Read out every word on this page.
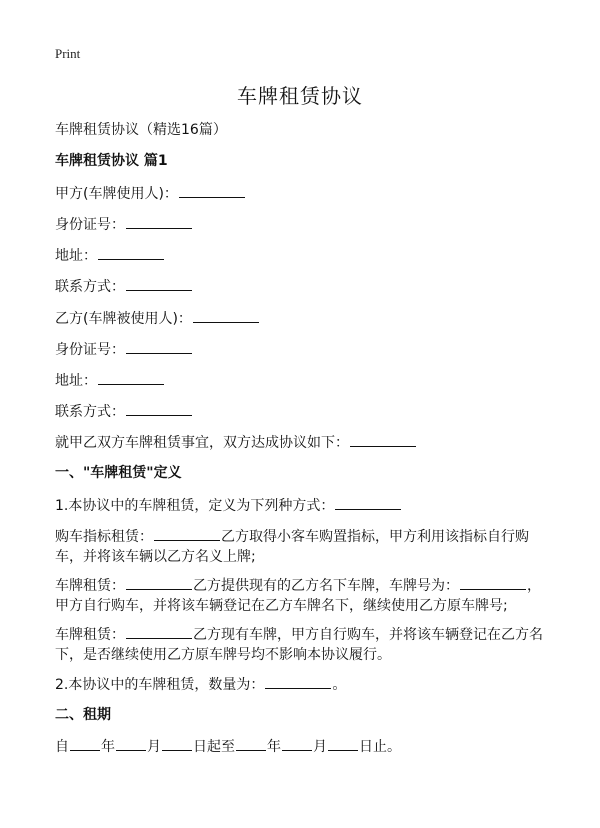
Print
车牌租赁协议

车牌租赁协议（精选16篇）

车牌租赁协议 篇1

甲方(车牌使用人)：

身份证号：

地址：

联系方式：

乙方(车牌被使用人)：

身份证号：

地址：

联系方式：

就甲乙双方车牌租赁事宜，双方达成协议如下：

一、"车牌租赁"定义

1.本协议中的车牌租赁，定义为下列种方式：

购车指标租赁：	乙方取得小客车购置指标，甲方利用该指标自行购车，并将该车辆以乙方名义上牌;

车牌租赁：	乙方提供现有的乙方名下车牌，车牌号为：	，甲方自行购车，并将该车辆登记在乙方车牌名下，继续使用乙方原车牌号;

车牌租赁：	乙方现有车牌，甲方自行购车，并将该车辆登记在乙方名下，是否继续使用乙方原车牌号均不影响本协议履行。

2.本协议中的车牌租赁，数量为：	。

二、租期

自 年 月 日起至 年 月 日止。
